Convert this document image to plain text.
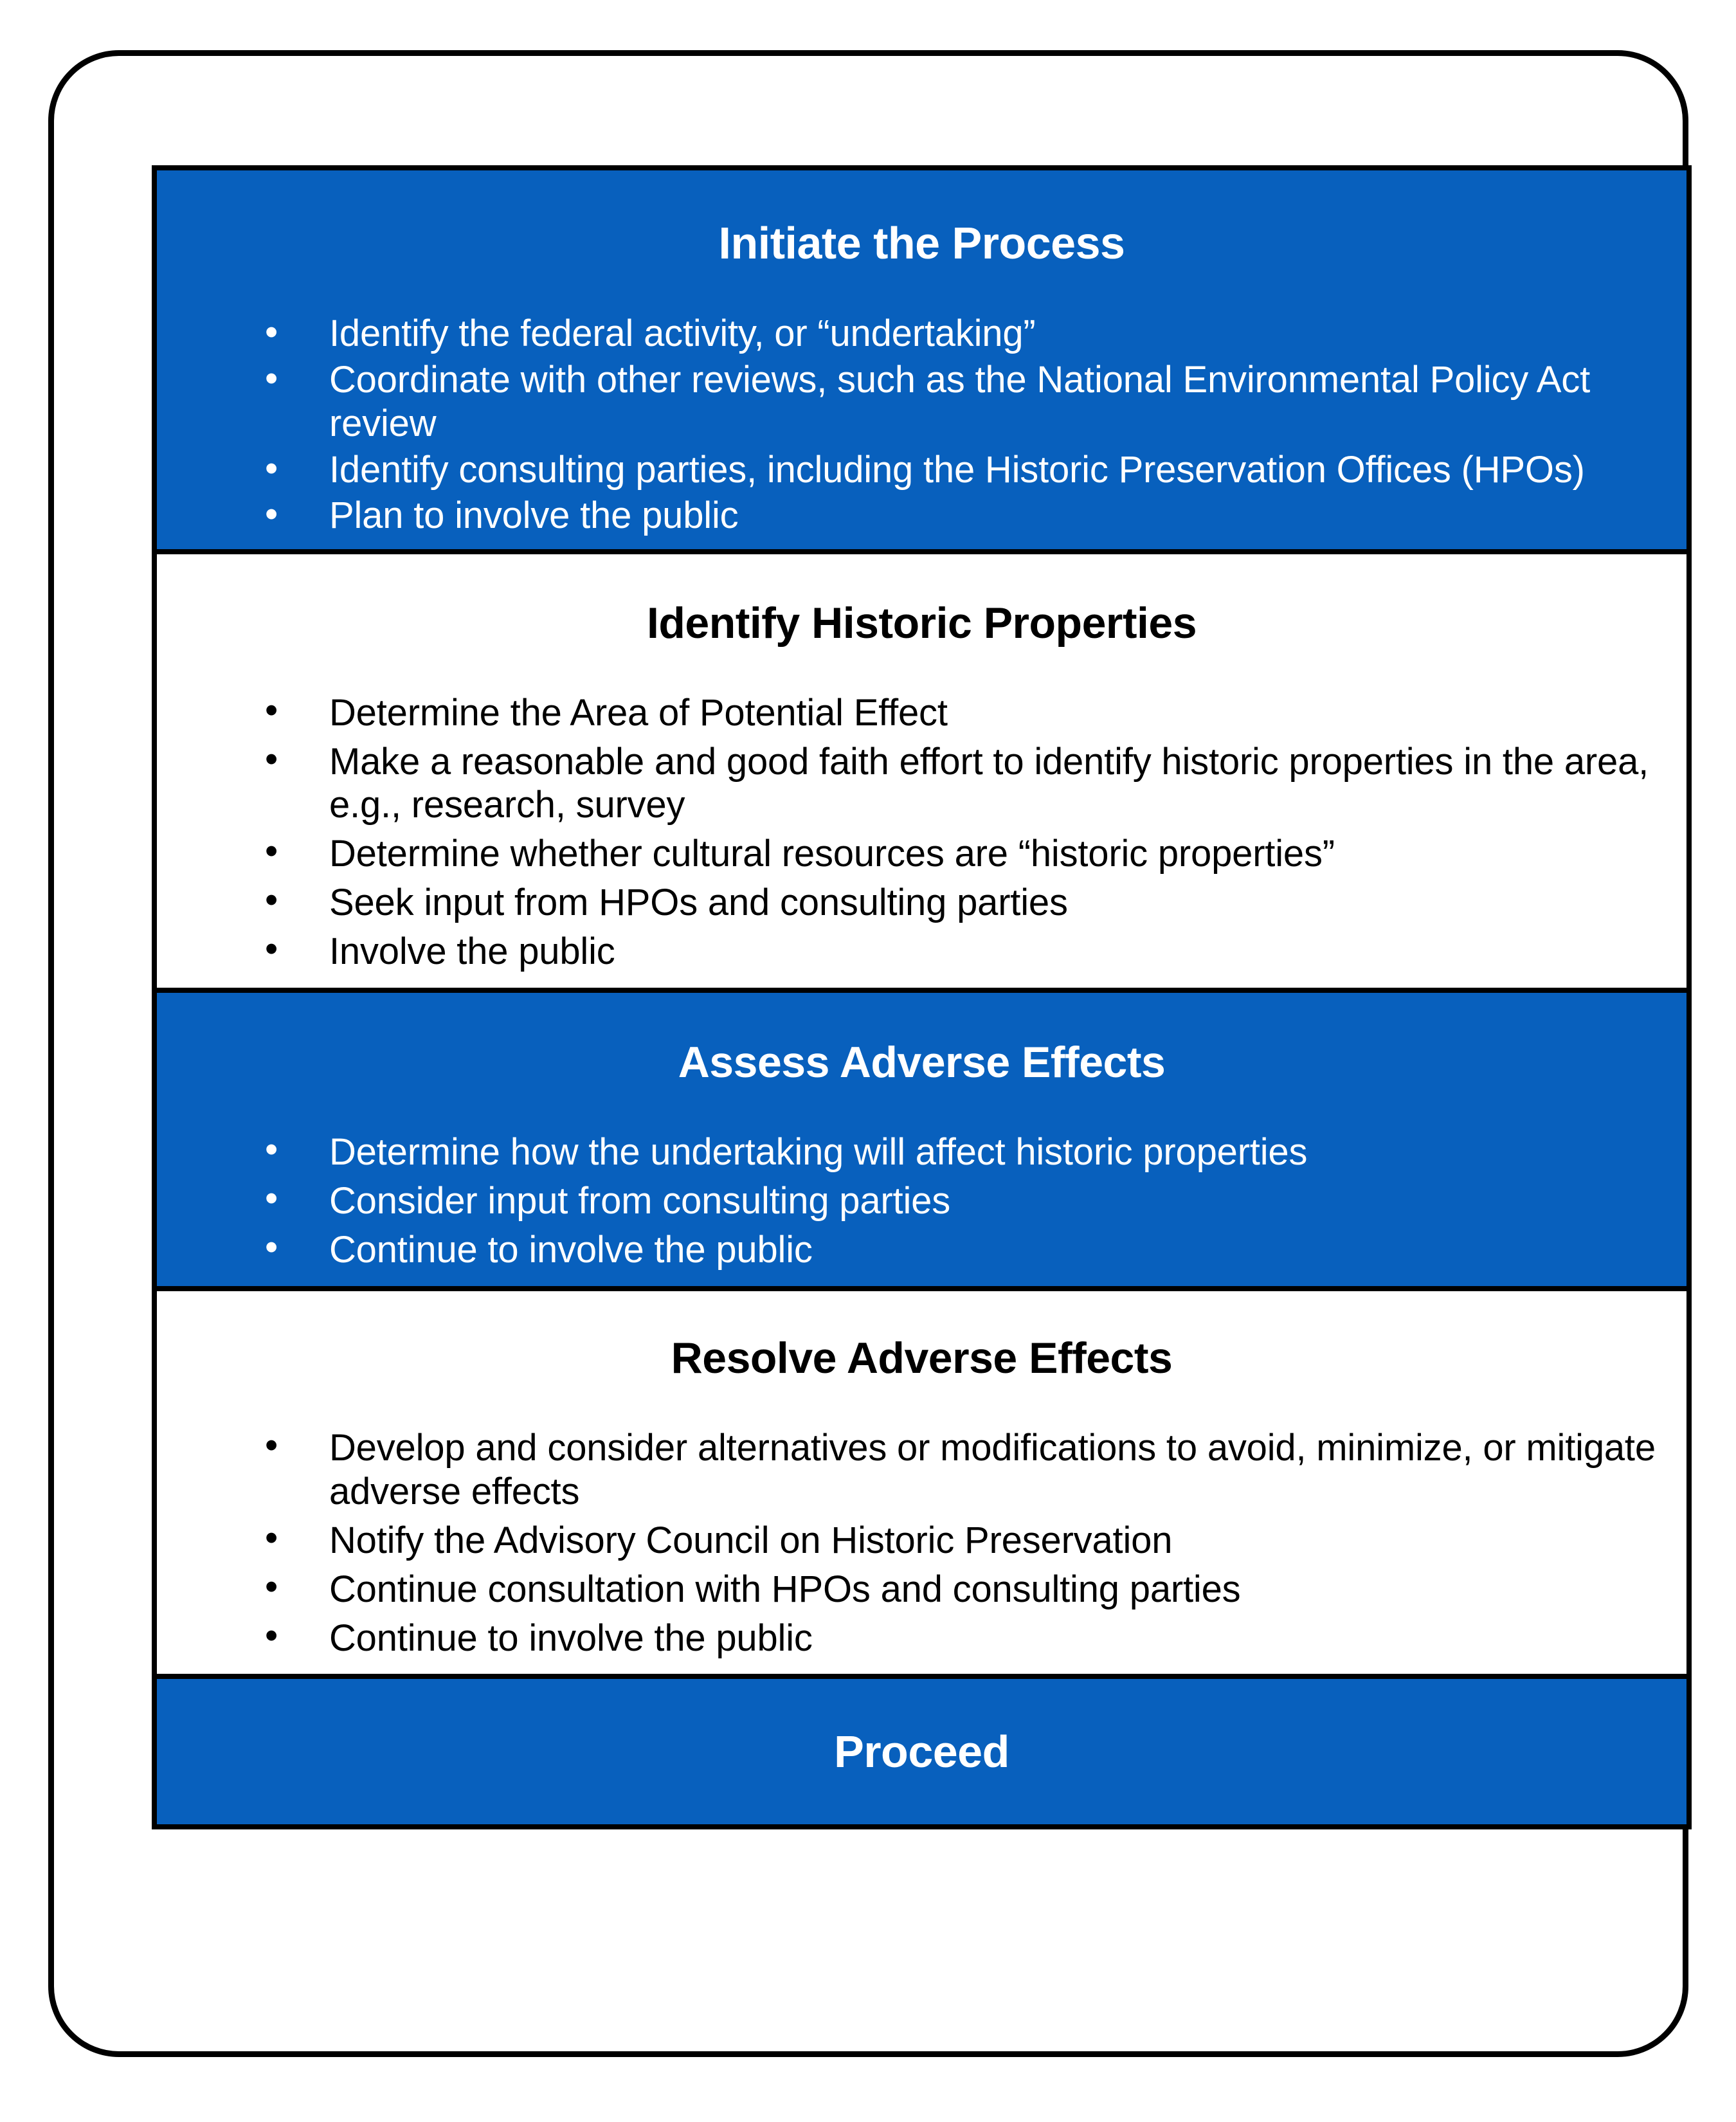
Initiate the Process
•	Identify the federal activity, or “undertaking”
•	Coordinate with other reviews, such as the National Environmental Policy Act review
•	Identify consulting parties, including the Historic Preservation Offices (HPOs)
•	Plan to involve the public
Identify Historic Properties
•	Determine the Area of Potential Effect
•	Make a reasonable and good faith effort to identify historic properties in the area, e.g., research, survey
•	Determine whether cultural resources are “historic properties”
•	Seek input from HPOs and consulting parties
•	Involve the public
Assess Adverse Effects
•	Determine how the undertaking will affect historic properties
•	Consider input from consulting parties
•	Continue to involve the public
Resolve Adverse Effects
•	Develop and consider alternatives or modifications to avoid, minimize, or mitigate adverse effects
•	Notify the Advisory Council on Historic Preservation
•	Continue consultation with HPOs and consulting parties
•	Continue to involve the public
Proceed
